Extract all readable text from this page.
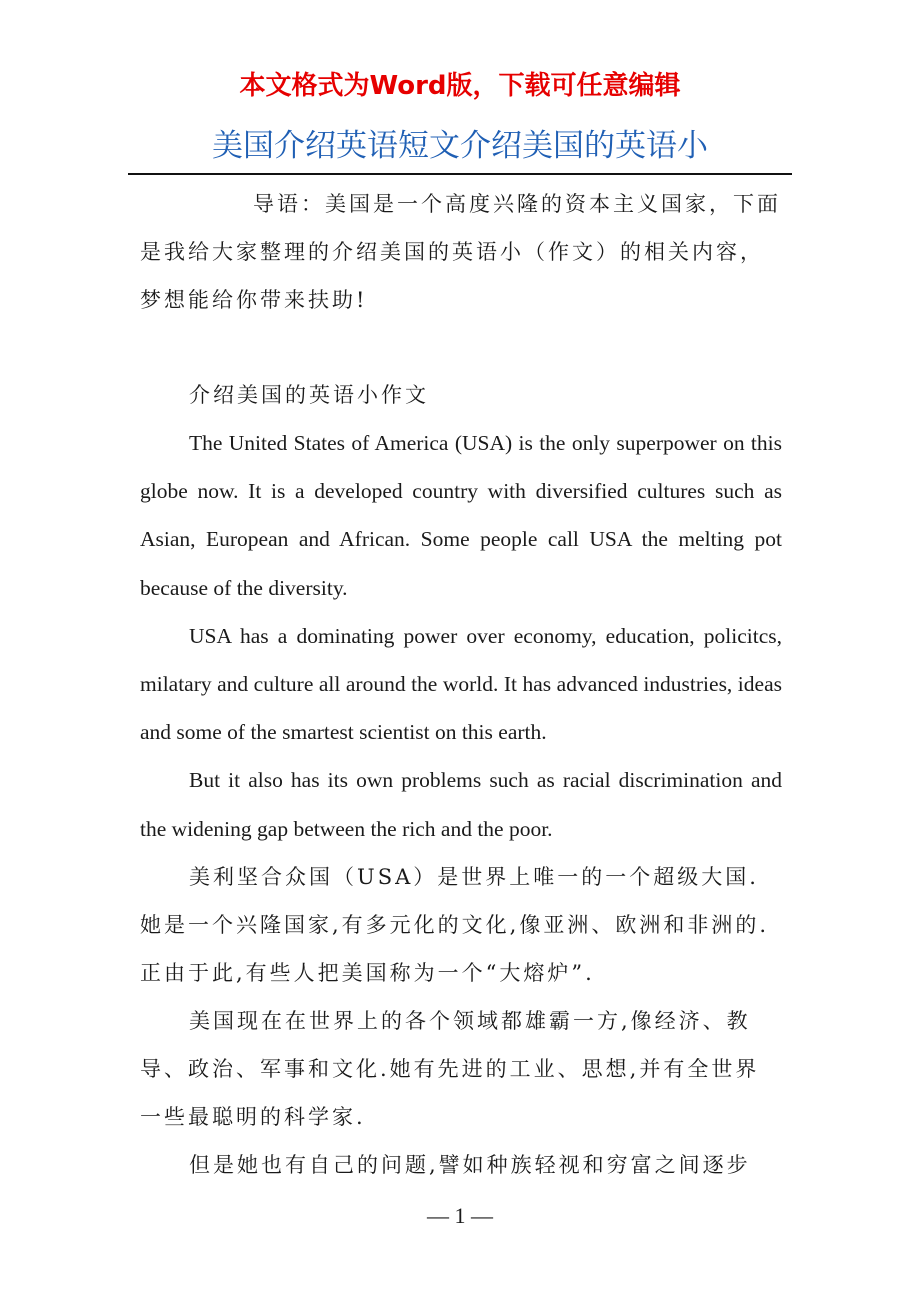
本文格式为Word版，下载可任意编辑
美国介绍英语短文介绍美国的英语小

导语：美国是一个高度兴隆的资本主义国家，下面是我给大家整理的介绍美国的英语小（作文）的相关内容，梦想能给你带来扶助!

介绍美国的英语小作文

The United States of America (USA) is the only superpower on this globe now. It is a developed country with diversified cultures such as Asian, European and African. Some people call USA the melting pot because of the diversity.

USA has a dominating power over economy, education, policitcs, milatary and culture all around the world. It has advanced industries, ideas and some of the smartest scientist on this earth.

But it also has its own problems such as racial discrimination and the widening gap between the rich and the poor.

美利坚合众国（USA）是世界上唯一的一个超级大国.她是一个兴隆国家,有多元化的文化,像亚洲、欧洲和非洲的.正由于此,有些人把美国称为一个“大熔炉”.

美国现在在世界上的各个领域都雄霸一方,像经济、教导、政治、军事和文化.她有先进的工业、思想,并有全世界一些最聪明的科学家.

但是她也有自己的问题,譬如种族轻视和穷富之间逐步

— 1 —
